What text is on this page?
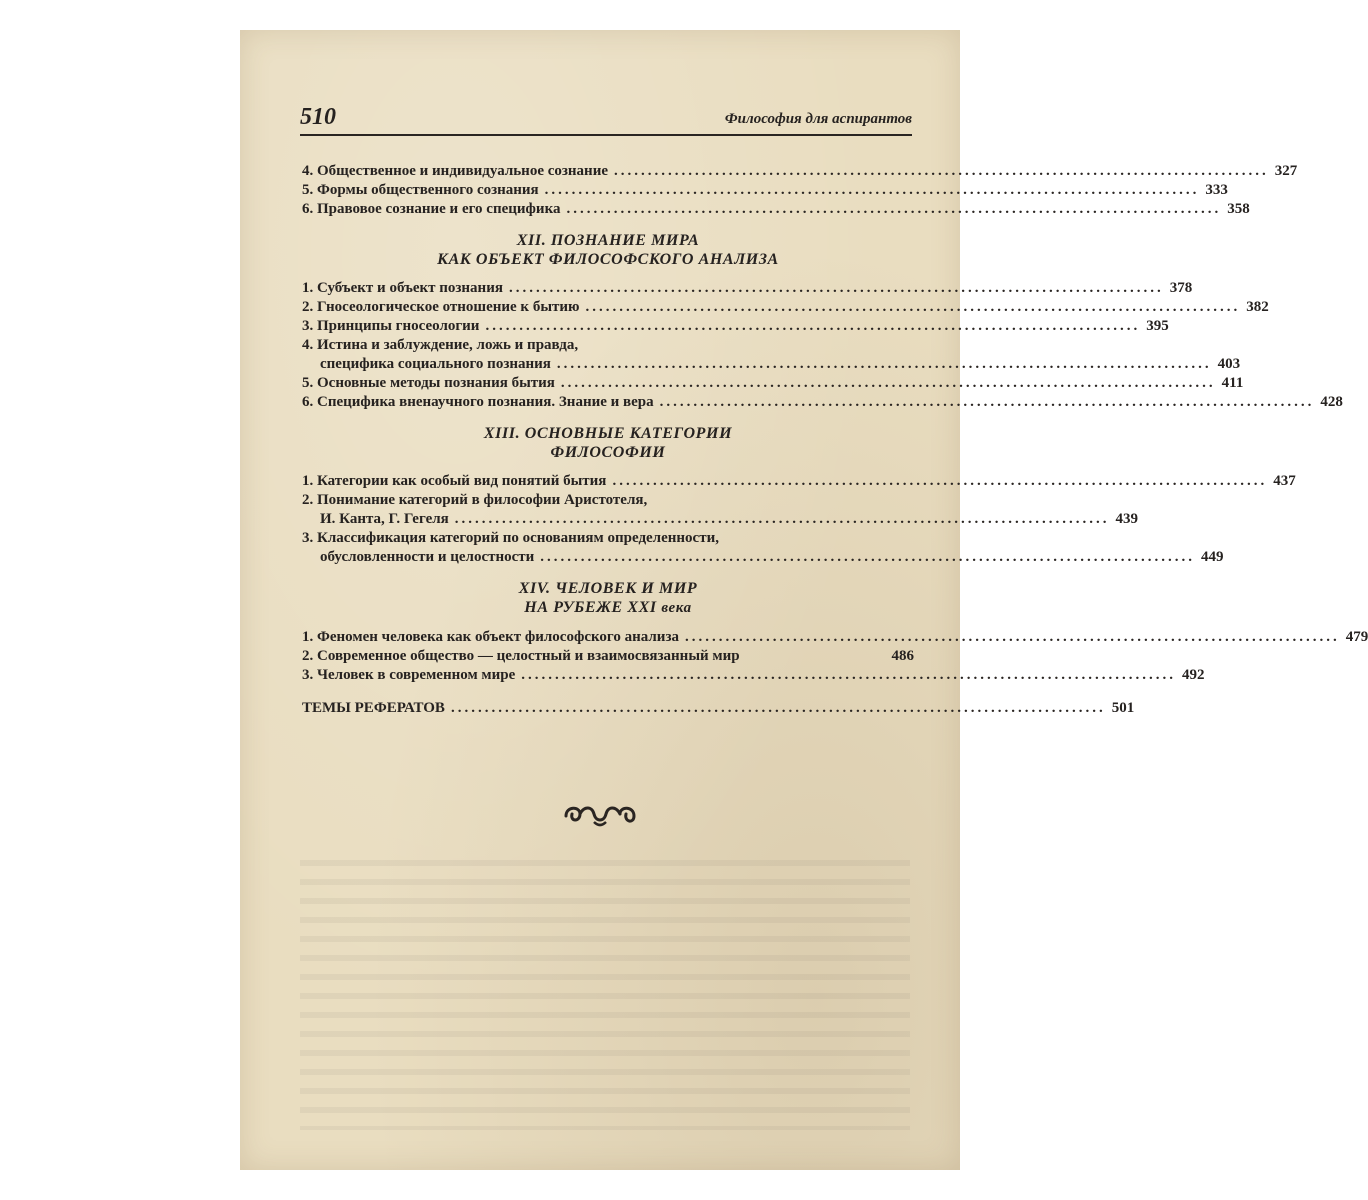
510	Философия для аспирантов
4. Общественное и индивидуальное сознание ................................................................................................. 327
5. Формы общественного сознания ................................................................................................. 333
6. Правовое сознание и его специфика ................................................................................................. 358
XII. ПОЗНАНИЕ МИРА
КАК ОБЪЕКТ ФИЛОСОФСКОГО АНАЛИЗА
1. Субъект и объект познания ................................................................................................. 378
2. Гносеологическое отношение к бытию ................................................................................................. 382
3. Принципы гносеологии ................................................................................................. 395
4. Истина и заблуждение, ложь и правда,
специфика социального познания ................................................................................................. 403
5. Основные методы познания бытия ................................................................................................. 411
6. Специфика вненаучного познания. Знание и вера ................................................................................................. 428
XIII. ОСНОВНЫЕ КАТЕГОРИИ
ФИЛОСОФИИ
1. Категории как особый вид понятий бытия ................................................................................................. 437
2. Понимание категорий в философии Аристотеля,
И. Канта, Г. Гегеля ................................................................................................. 439
3. Классификация категорий по основаниям определенности,
обусловленности и целостности ................................................................................................. 449
XIV. ЧЕЛОВЕК И МИР
НА РУБЕЖЕ XXI века
1. Феномен человека как объект философского анализа ................................................................................................. 479
2. Современное общество — целостный и взаимосвязанный мир	486
3. Человек в современном мире ................................................................................................. 492
ТЕМЫ РЕФЕРАТОВ ................................................................................................. 501
